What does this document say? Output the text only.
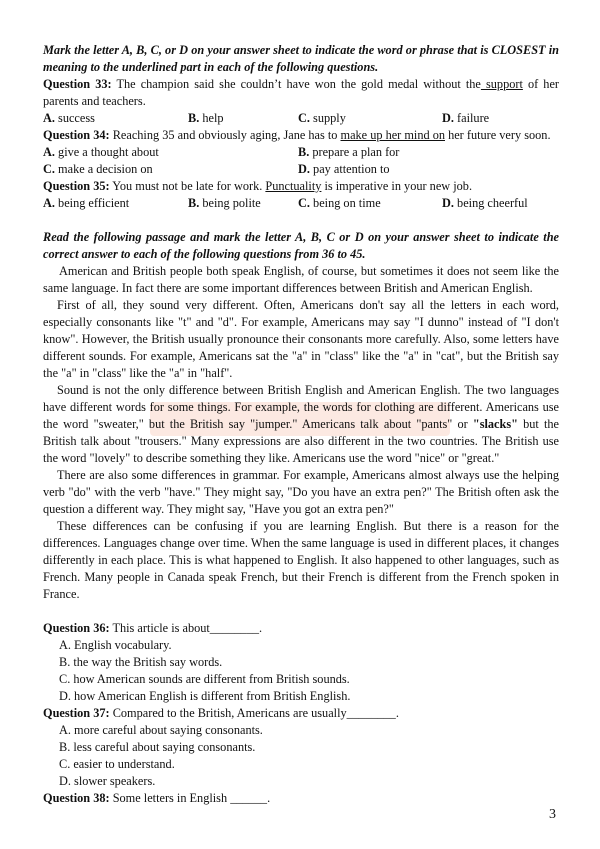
Mark the letter A, B, C, or D on your answer sheet to indicate the word or phrase that is CLOSEST in meaning to the underlined part in each of the following questions.

Question 33: The champion said she couldn’t have won the gold medal without the support of her parents and teachers.

A. success	B. help	C. supply	D. failure

Question 34: Reaching 35 and obviously aging, Jane has to make up her mind on her future very soon.

A. give a thought about	B. prepare a plan for
C. make a decision on	D. pay attention to

Question 35: You must not be late for work. Punctuality is imperative in your new job.

A. being efficient	B. being polite	C. being on time	D. being cheerful

Read the following passage and mark the letter A, B, C or D on your answer sheet to indicate the correct answer to each of the following questions from 36 to 45.

American and British people both speak English, of course, but sometimes it does not seem like the same language. In fact there are some important differences between British and American English.

First of all, they sound very different. Often, Americans don't say all the letters in each word, especially consonants like "t" and "d". For example, Americans may say "I dunno" instead of "I don't know". However, the British usually pronounce their consonants more carefully. Also, some letters have different sounds. For example, Americans sat the "a" in "class" like the "a" in "cat", but the British say the "a" in "class" like the "a" in "half".

Sound is not the only difference between British English and American English. The two languages have different words for some things. For example, the words for clothing are different. Americans use the word "sweater," but the British say "jumper." Americans talk about "pants" or "slacks" but the British talk about "trousers." Many expressions are also different in the two countries. The British use the word "lovely" to describe something they like. Americans use the word "nice" or "great."

There are also some differences in grammar. For example, Americans almost always use the helping verb "do" with the verb "have." They might say, "Do you have an extra pen?" The British often ask the question a different way. They might say, "Have you got an extra pen?"

These differences can be confusing if you are learning English. But there is a reason for the differences. Languages change over time. When the same language is used in different places, it changes differently in each place. This is what happened to English. It also happened to other languages, such as French. Many people in Canada speak French, but their French is different from the French spoken in France.

Question 36: This article is about________.

A. English vocabulary.

B. the way the British say words.

C. how American sounds are different from British sounds.

D. how American English is different from British English.

Question 37: Compared to the British, Americans are usually________.

A. more careful about saying consonants.

B. less careful about saying consonants.

C. easier to understand.

D. slower speakers.

Question 38: Some letters in English ______.

3
